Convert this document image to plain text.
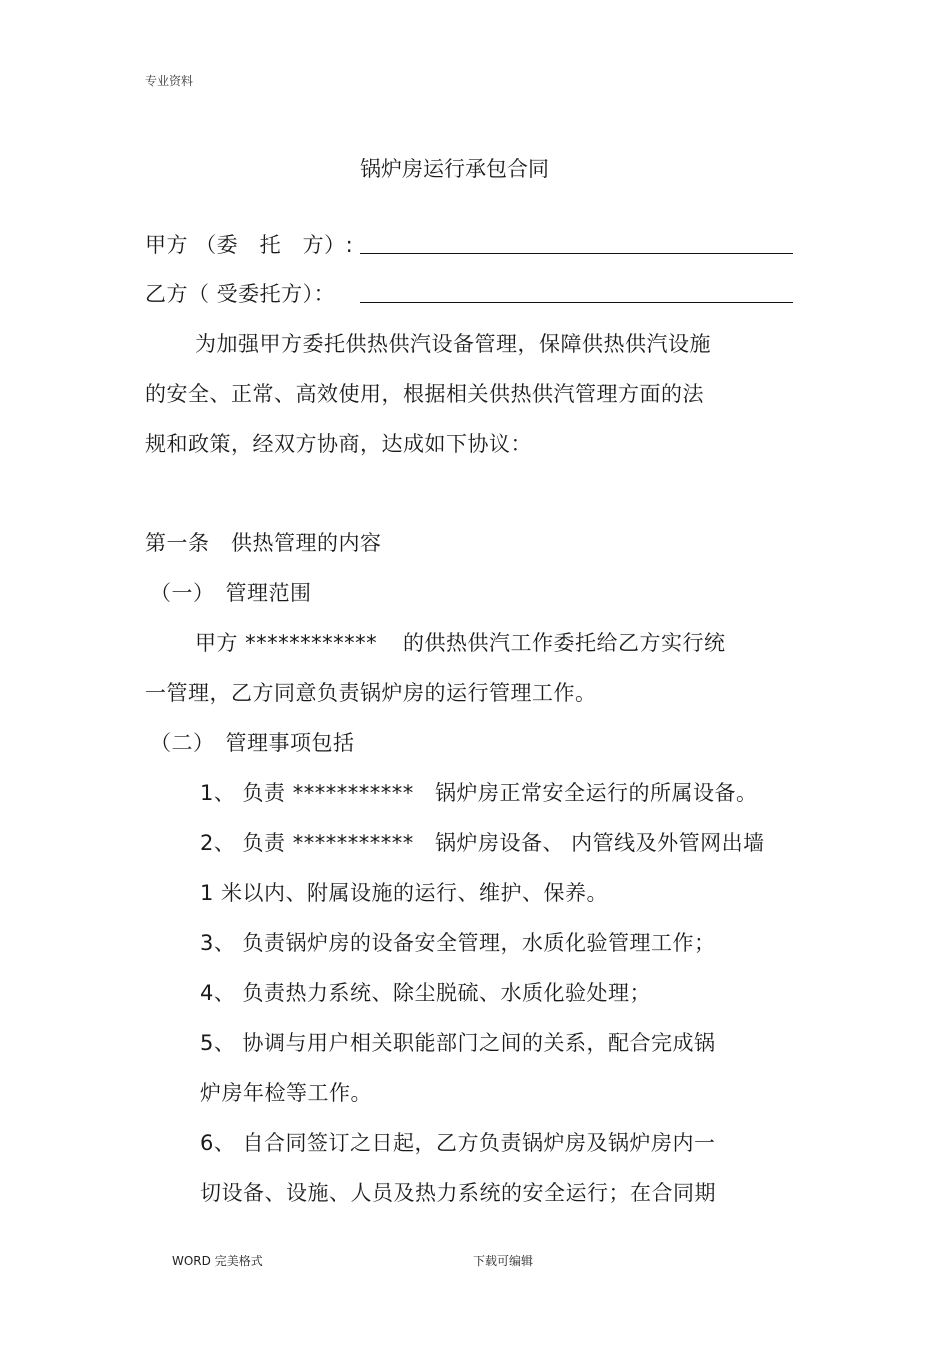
专业资料
锅炉房运行承包合同
甲方 （委　托　方）:
乙方（ 受委托方）：
为加强甲方委托供热供汽设备管理，保障供热供汽设施
的安全、正常、高效使用，根据相关供热供汽管理方面的法
规和政策，经双方协商，达成如下协议：
第一条　供热管理的内容
（一）　管理范围
甲方 ************ 的供热供汽工作委托给乙方实行统
一管理，乙方同意负责锅炉房的运行管理工作。
（二）　管理事项包括
1、 负责 *********** 锅炉房正常安全运行的所属设备。
2、 负责 *********** 锅炉房设备、 内管线及外管网出墙
1 米以内、附属设施的运行、维护、保养。
3、 负责锅炉房的设备安全管理，水质化验管理工作；
4、 负责热力系统、除尘脱硫、水质化验处理；
5、 协调与用户相关职能部门之间的关系，配合完成锅
炉房年检等工作。
6、 自合同签订之日起，乙方负责锅炉房及锅炉房内一
切设备、设施、人员及热力系统的安全运行；在合同期
WORD 完美格式	下载可编辑
